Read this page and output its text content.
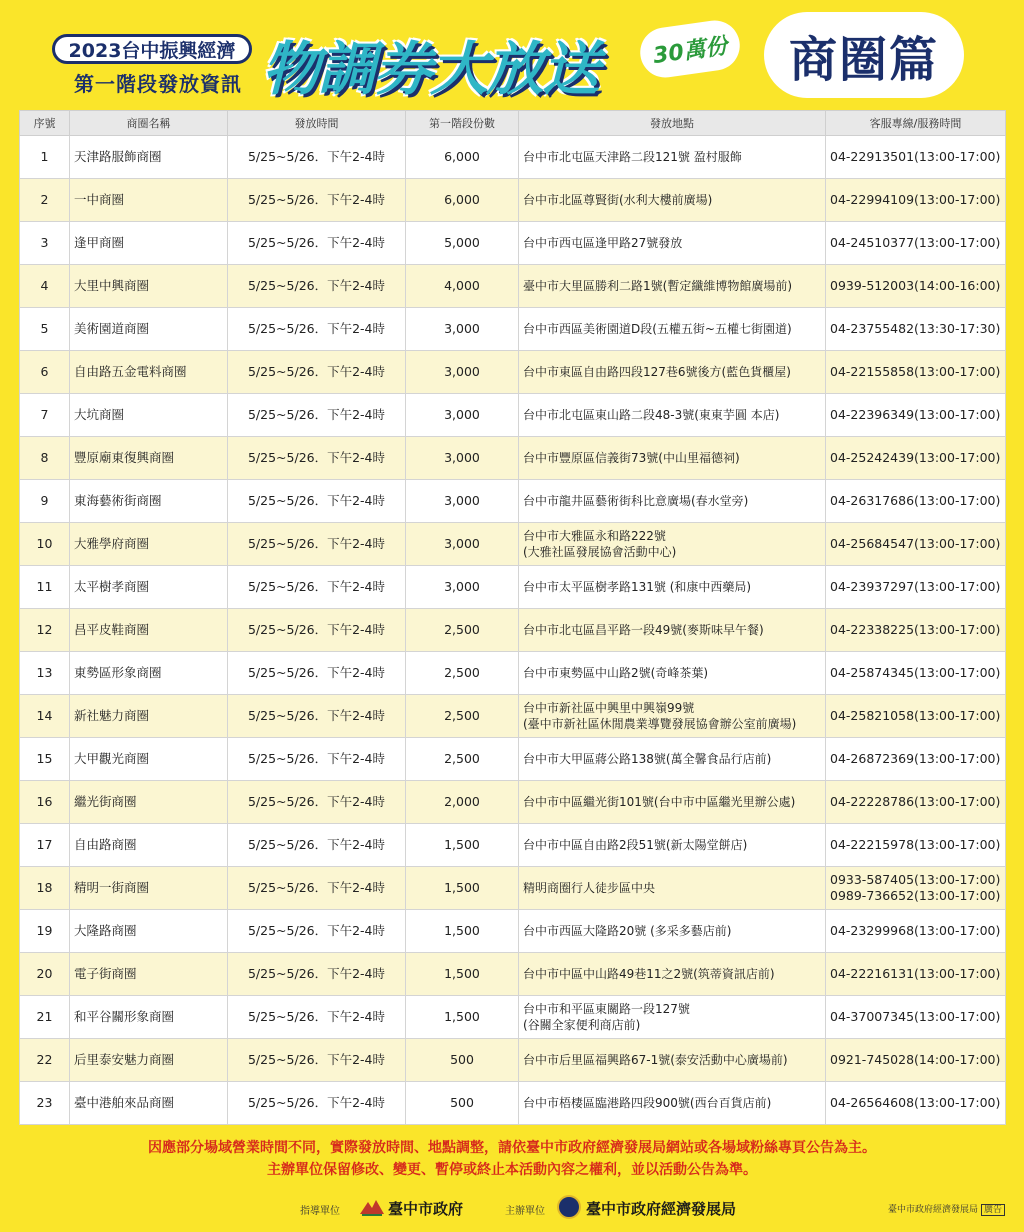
2023台中振興經濟
第一階段發放資訊 物調券大放送	30萬份	商圈篇
序號	商圈名稱	發放時間	第一階段份數	發放地點	客服專線/服務時間

1	天津路服飾商圈	5/25~5/26．下午2-4時	6,000	台中市北屯區天津路二段121號 盈村服飾	04-22913501(13:00-17:00)

2	一中商圈	5/25~5/26．下午2-4時	6,000	台中市北區尊賢街(水利大樓前廣場)	04-22994109(13:00-17:00)

3	逢甲商圈	5/25~5/26．下午2-4時	5,000	台中市西屯區逢甲路27號發放	04-24510377(13:00-17:00)

4	大里中興商圈	5/25~5/26．下午2-4時	4,000	臺中市大里區勝利二路1號(暫定纖維博物館廣場前)	0939-512003(14:00-16:00)

5	美術園道商圈	5/25~5/26．下午2-4時	3,000	台中市西區美術園道D段(五權五街~五權七街園道)	04-23755482(13:30-17:30)

6	自由路五金電料商圈	5/25~5/26．下午2-4時	3,000	台中市東區自由路四段127巷6號後方(藍色貨櫃屋)	04-22155858(13:00-17:00)

7	大坑商圈	5/25~5/26．下午2-4時	3,000	台中市北屯區東山路二段48-3號(東東芋圓 本店)	04-22396349(13:00-17:00)

8	豐原廟東復興商圈	5/25~5/26．下午2-4時	3,000	台中市豐原區信義街73號(中山里福德祠)	04-25242439(13:00-17:00)

9	東海藝術街商圈	5/25~5/26．下午2-4時	3,000	台中市龍井區藝術街科比意廣場(春水堂旁)	04-26317686(13:00-17:00)

10	大雅學府商圈	5/25~5/26．下午2-4時	3,000	台中市大雅區永和路222號
(大雅社區發展協會活動中心)	04-25684547(13:00-17:00)

11	太平樹孝商圈	5/25~5/26．下午2-4時	3,000	台中市太平區樹孝路131號 (和康中西藥局)	04-23937297(13:00-17:00)

12	昌平皮鞋商圈	5/25~5/26．下午2-4時	2,500	台中市北屯區昌平路一段49號(麥斯味早午餐)	04-22338225(13:00-17:00)

13	東勢區形象商圈	5/25~5/26．下午2-4時	2,500	台中市東勢區中山路2號(奇峰茶葉)	04-25874345(13:00-17:00)

14	新社魅力商圈	5/25~5/26．下午2-4時	2,500	台中市新社區中興里中興嶺99號
(臺中市新社區休閒農業導覽發展協會辦公室前廣場)	04-25821058(13:00-17:00)

15	大甲觀光商圈	5/25~5/26．下午2-4時	2,500	台中市大甲區蔣公路138號(萬全馨食品行店前)	04-26872369(13:00-17:00)

16	繼光街商圈	5/25~5/26．下午2-4時	2,000	台中市中區繼光街101號(台中市中區繼光里辦公處)	04-22228786(13:00-17:00)

17	自由路商圈	5/25~5/26．下午2-4時	1,500	台中市中區自由路2段51號(新太陽堂餅店)	04-22215978(13:00-17:00)

18	精明一街商圈	5/25~5/26．下午2-4時	1,500	精明商圈行人徒步區中央	0933-587405(13:00-17:00)
0989-736652(13:00-17:00)

19	大隆路商圈	5/25~5/26．下午2-4時	1,500	台中市西區大隆路20號 (多采多藝店前)	04-23299968(13:00-17:00)

20	電子街商圈	5/25~5/26．下午2-4時	1,500	台中市中區中山路49巷11之2號(筑蒂資訊店前)	04-22216131(13:00-17:00)

21	和平谷關形象商圈	5/25~5/26．下午2-4時	1,500	台中市和平區東關路一段127號
(谷關全家便利商店前)	04-37007345(13:00-17:00)

22	后里泰安魅力商圈	5/25~5/26．下午2-4時	500	台中市后里區福興路67-1號(泰安活動中心廣場前)	0921-745028(14:00-17:00)

23	臺中港舶來品商圈	5/25~5/26．下午2-4時	500	台中市梧棲區臨港路四段900號(西台百貨店前)	04-26564608(13:00-17:00)
因應部分場域營業時間不同，實際發放時間、地點調整，請依臺中市政府經濟發展局網站或各場域粉絲專頁公告為主。
主辦單位保留修改、變更、暫停或終止本活動內容之權利，並以活動公告為準。
指導單位	臺中市政府	主辦單位	臺中市政府經濟發展局	臺中市政府經濟發展局 廣告
